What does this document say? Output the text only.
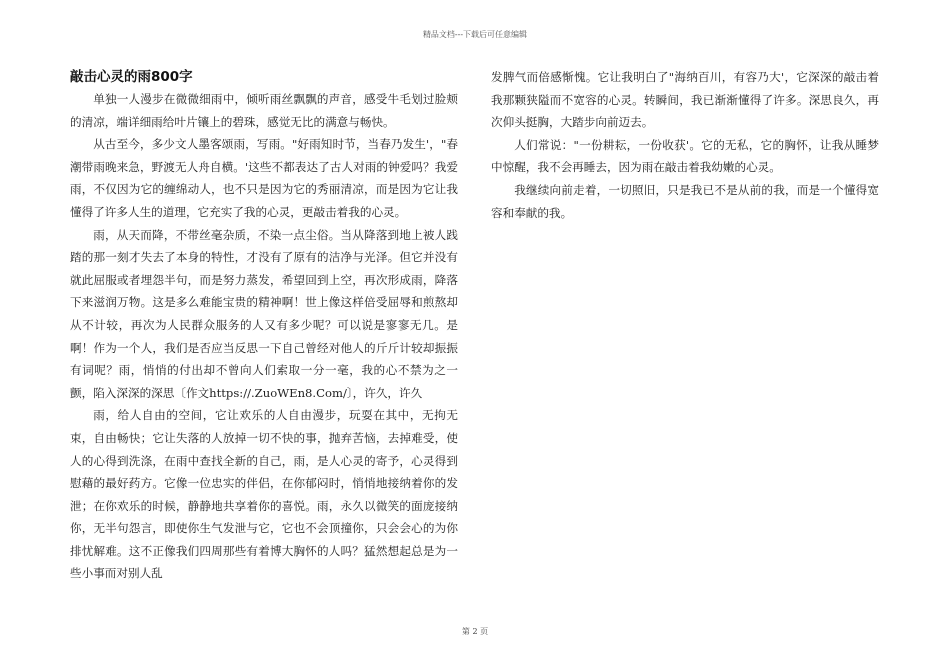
精品文档---下载后可任意编辑
敲击心灵的雨800字

单独一人漫步在微微细雨中，倾听雨丝飘飘的声音，感受牛毛划过脸颊的清凉，端详细雨给叶片镶上的碧珠，感觉无比的满意与畅快。

从古至今，多少文人墨客颂雨，写雨。"好雨知时节，当春乃发生'，"春潮带雨晚来急，野渡无人舟自横。'这些不都表达了古人对雨的钟爱吗？我爱雨，不仅因为它的缠绵动人，也不只是因为它的秀丽清凉，而是因为它让我懂得了许多人生的道理，它充实了我的心灵，更敲击着我的心灵。

雨，从天而降，不带丝毫杂质，不染一点尘俗。当从降落到地上被人践踏的那一刻才失去了本身的特性，才没有了原有的洁净与光泽。但它并没有就此屈服或者埋怨半句，而是努力蒸发，希望回到上空，再次形成雨，降落下来滋润万物。这是多么难能宝贵的精神啊！世上像这样倍受屈辱和煎熬却从不计较，再次为人民群众服务的人又有多少呢？可以说是寥寥无几。是啊！作为一个人，我们是否应当反思一下自己曾经对他人的斤斤计较却振振有词呢？雨，悄悄的付出却不曾向人们索取一分一毫，我的心不禁为之一颤，陷入深深的深思〔作文https://.ZuoWEn8.Com/〕，许久，许久

雨，给人自由的空间，它让欢乐的人自由漫步，玩耍在其中，无拘无束，自由畅快；它让失落的人放掉一切不快的事，抛弃苦恼，去掉难受，使人的心得到洗涤，在雨中查找全新的自己，雨，是人心灵的寄予，心灵得到慰藉的最好药方。它像一位忠实的伴侣，在你郁闷时，悄悄地接纳着你的发泄；在你欢乐的时候，静静地共享着你的喜悦。雨，永久以微笑的面庞接纳你，无半句怨言，即使你生气发泄与它，它也不会顶撞你，只会会心的为你排忧解难。这不正像我们四周那些有着博大胸怀的人吗？猛然想起总是为一些小事而对别人乱

发脾气而倍感惭愧。它让我明白了"海纳百川，有容乃大'，它深深的敲击着我那颗狭隘而不宽容的心灵。转瞬间，我已渐渐懂得了许多。深思良久，再次仰头挺胸，大踏步向前迈去。

人们常说："一份耕耘，一份收获'。它的无私，它的胸怀，让我从睡梦中惊醒，我不会再睡去，因为雨在敲击着我幼嫩的心灵。

我继续向前走着，一切照旧，只是我已不是从前的我，而是一个懂得宽容和奉献的我。

第 2 页
